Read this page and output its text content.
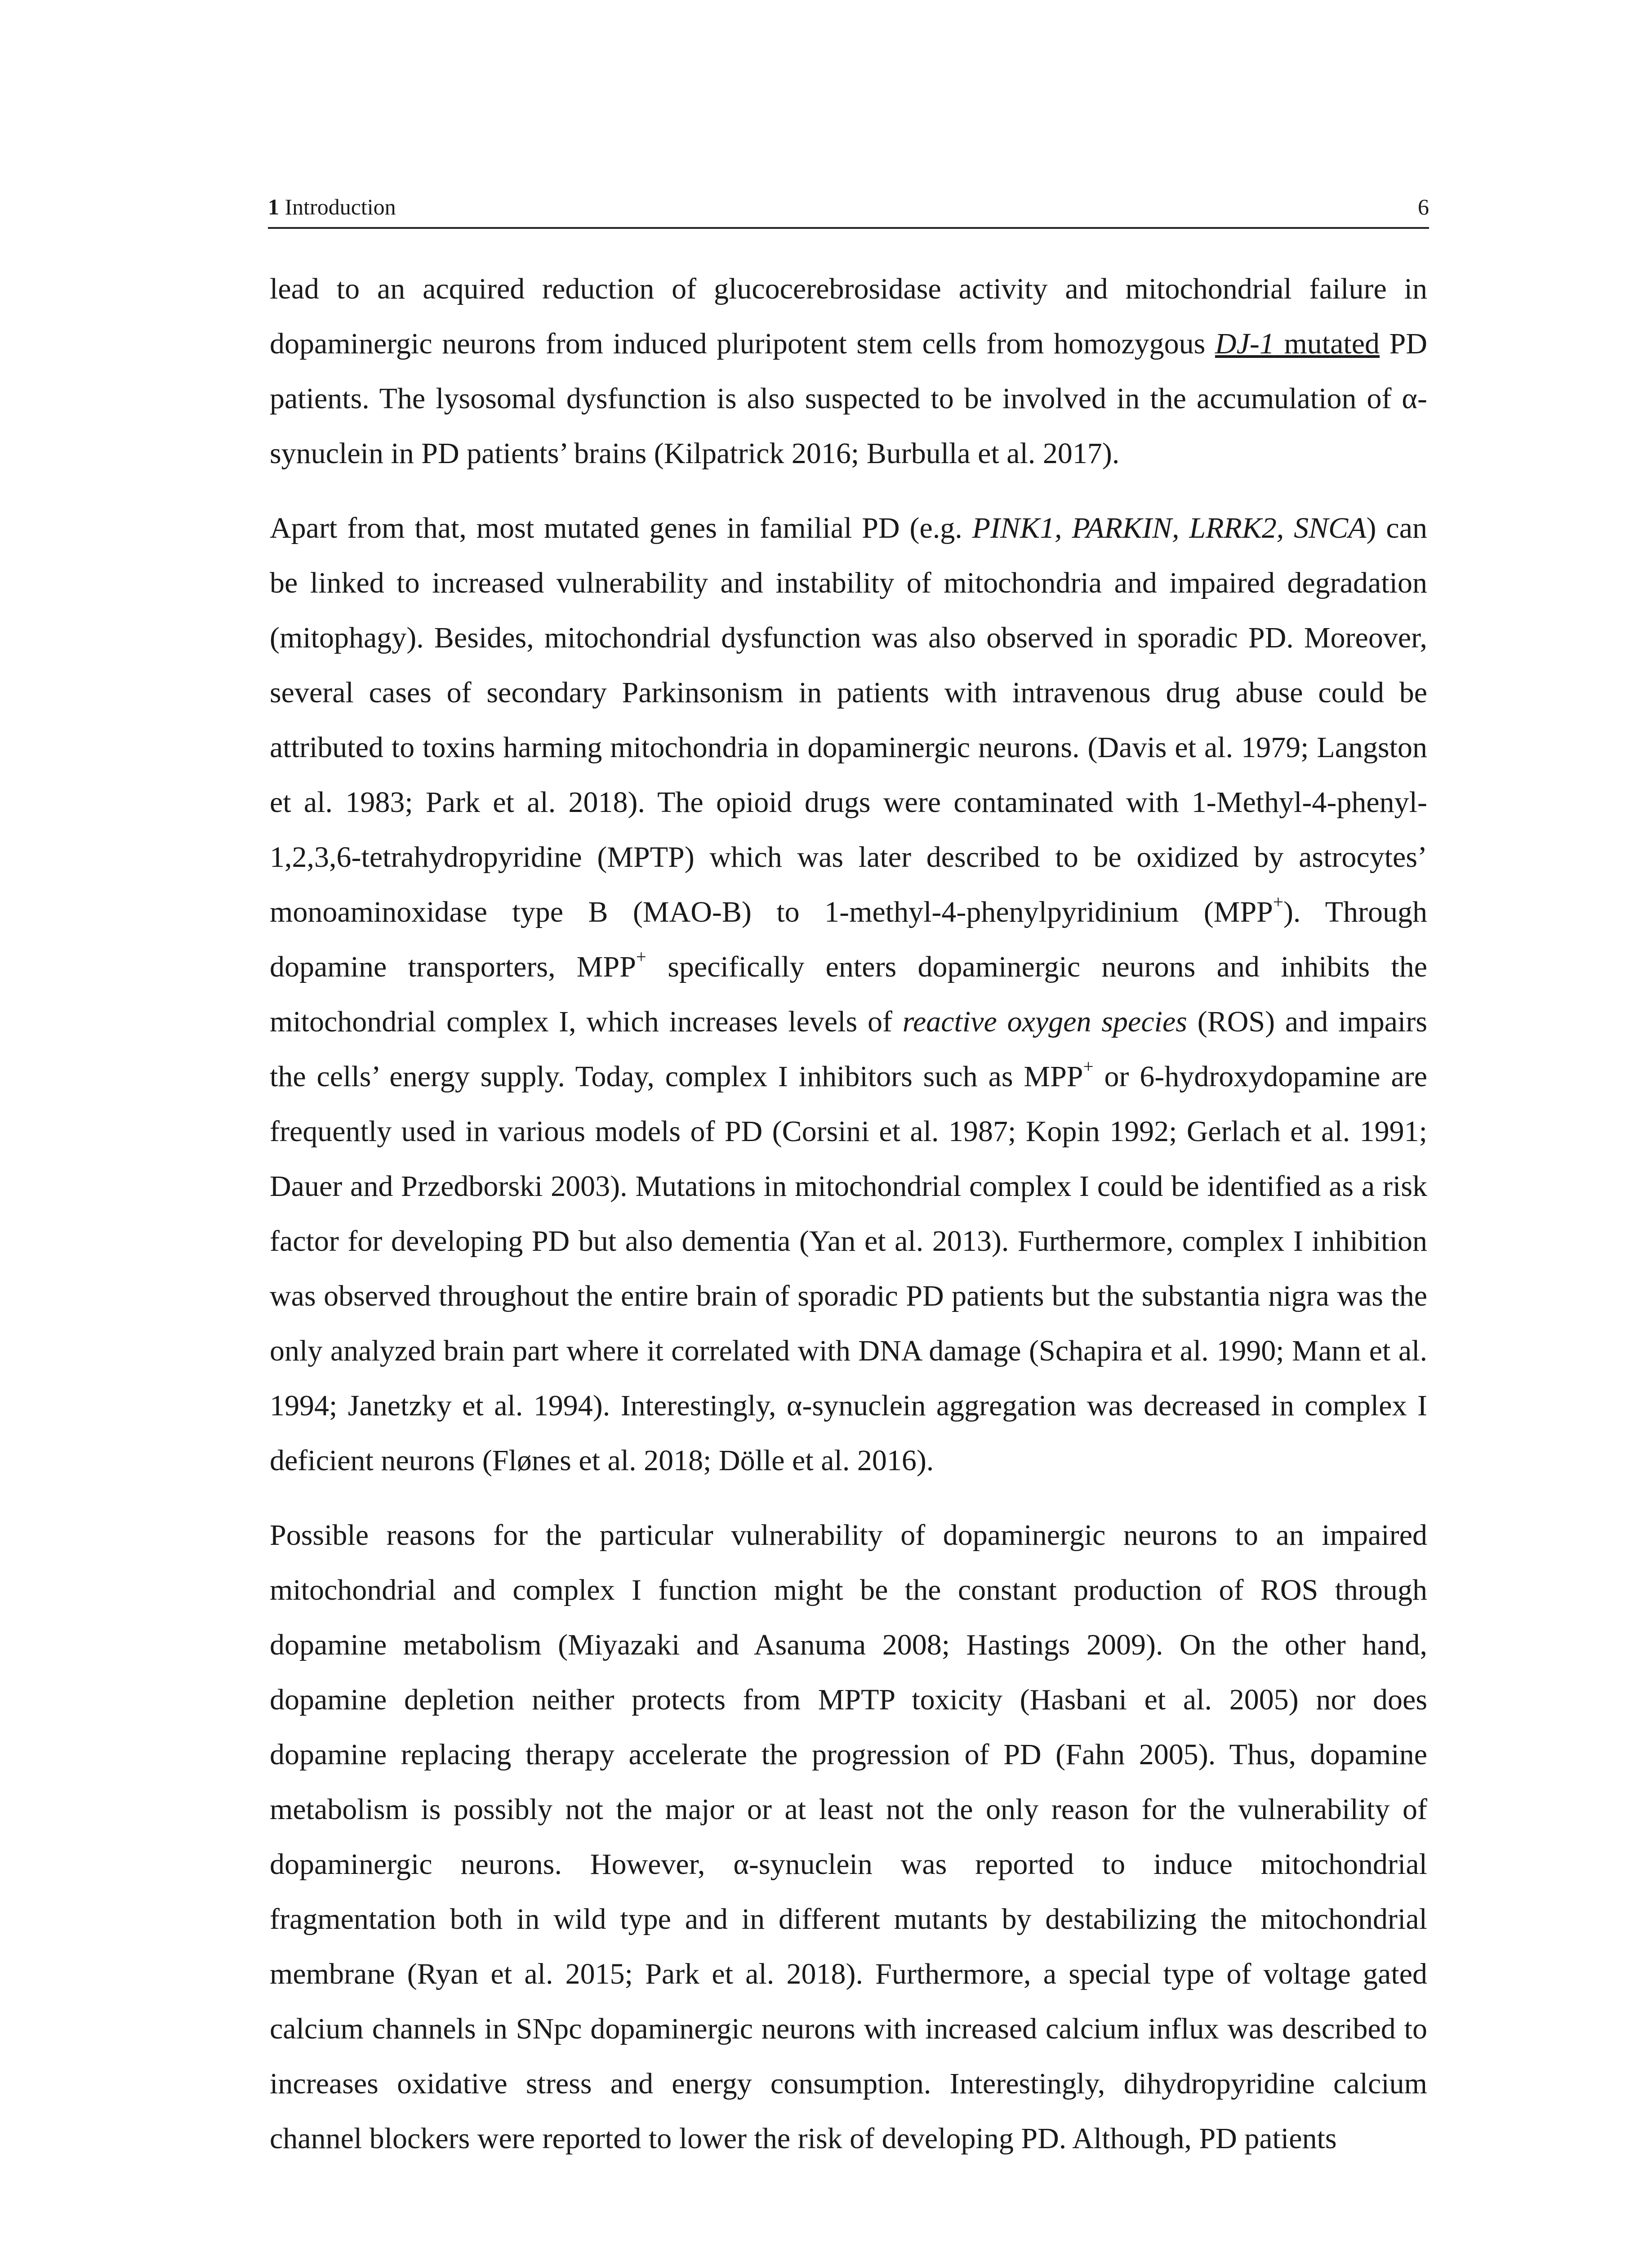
1 Introduction	6

lead to an acquired reduction of glucocerebrosidase activity and mitochondrial failure in dopaminergic neurons from induced pluripotent stem cells from homozygous DJ-1 mutated PD patients. The lysosomal dysfunction is also suspected to be involved in the accumulation of α-synuclein in PD patients’ brains (Kilpatrick 2016; Burbulla et al. 2017).

Apart from that, most mutated genes in familial PD (e.g. PINK1, PARKIN, LRRK2, SNCA) can be linked to increased vulnerability and instability of mitochondria and impaired degradation (mitophagy). Besides, mitochondrial dysfunction was also observed in sporadic PD. Moreover, several cases of secondary Parkinsonism in patients with intravenous drug abuse could be attributed to toxins harming mitochondria in dopaminergic neurons. (Davis et al. 1979; Langston et al. 1983; Park et al. 2018). The opioid drugs were contaminated with 1-Methyl-4-phenyl-1,2,3,6-tetrahydropyridine (MPTP) which was later described to be oxidized by astrocytes’ monoaminoxidase type B (MAO-B) to 1-methyl-4-phenylpyridinium (MPP+). Through dopamine transporters, MPP+ specifically enters dopaminergic neurons and inhibits the mitochondrial complex I, which increases levels of reactive oxygen species (ROS) and impairs the cells’ energy supply. Today, complex I inhibitors such as MPP+ or 6-hydroxydopamine are frequently used in various models of PD (Corsini et al. 1987; Kopin 1992; Gerlach et al. 1991; Dauer and Przedborski 2003). Mutations in mitochondrial complex I could be identified as a risk factor for developing PD but also dementia (Yan et al. 2013). Furthermore, complex I inhibition was observed throughout the entire brain of sporadic PD patients but the substantia nigra was the only analyzed brain part where it correlated with DNA damage (Schapira et al. 1990; Mann et al. 1994; Janetzky et al. 1994). Interestingly, α-synuclein aggregation was decreased in complex I deficient neurons (Flønes et al. 2018; Dölle et al. 2016).

Possible reasons for the particular vulnerability of dopaminergic neurons to an impaired mitochondrial and complex I function might be the constant production of ROS through dopamine metabolism (Miyazaki and Asanuma 2008; Hastings 2009). On the other hand, dopamine depletion neither protects from MPTP toxicity (Hasbani et al. 2005) nor does dopamine replacing therapy accelerate the progression of PD (Fahn 2005). Thus, dopamine metabolism is possibly not the major or at least not the only reason for the vulnerability of dopaminergic neurons. However, α-synuclein was reported to induce mitochondrial fragmentation both in wild type and in different mutants by destabilizing the mitochondrial membrane (Ryan et al. 2015; Park et al. 2018). Furthermore, a special type of voltage gated calcium channels in SNpc dopaminergic neurons with increased calcium influx was described to increases oxidative stress and energy consumption. Interestingly, dihydropyridine calcium channel blockers were reported to lower the risk of developing PD. Although, PD patients
